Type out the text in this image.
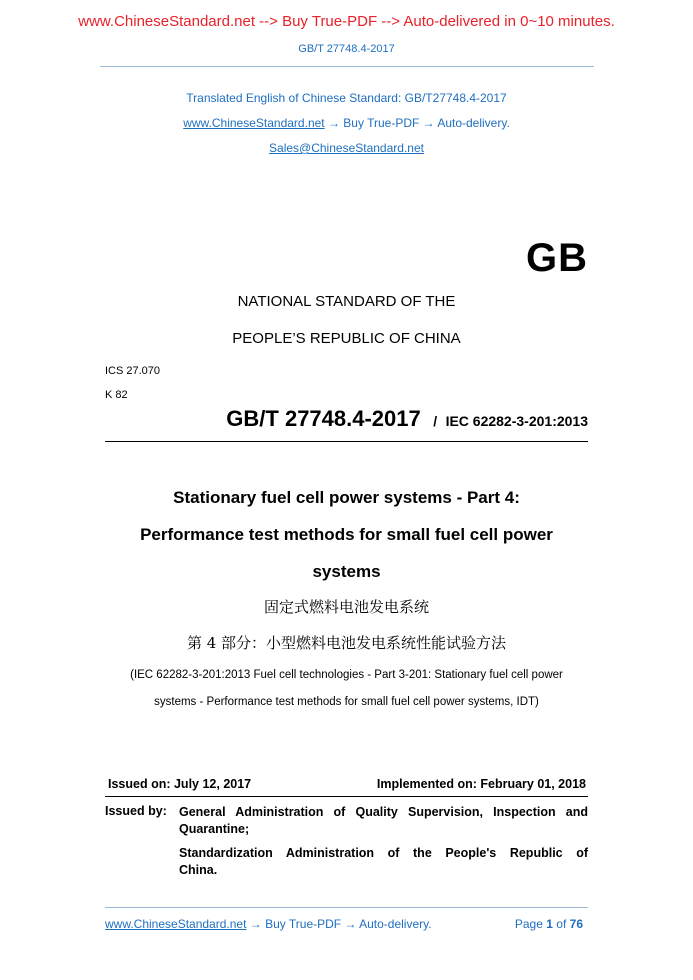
www.ChineseStandard.net --> Buy True-PDF --> Auto-delivered in 0~10 minutes.
GB/T 27748.4-2017
Translated English of Chinese Standard: GB/T27748.4-2017
www.ChineseStandard.net → Buy True-PDF → Auto-delivery.
Sales@ChineseStandard.net
GB
NATIONAL STANDARD OF THE
PEOPLE’S REPUBLIC OF CHINA
ICS 27.070
K 82
GB/T 27748.4-2017 / IEC 62282-3-201:2013
Stationary fuel cell power systems - Part 4:
Performance test methods for small fuel cell power
systems
固定式燃料电池发电系统
第 4 部分：小型燃料电池发电系统性能试验方法
(IEC 62282-3-201:2013 Fuel cell technologies - Part 3-201: Stationary fuel cell power
systems - Performance test methods for small fuel cell power systems, IDT)
Issued on: July 12, 2017	Implemented on: February 01, 2018
Issued by: General Administration of Quality Supervision, Inspection and
Quarantine;
Standardization Administration of the People's Republic of
China.
www.ChineseStandard.net → Buy True-PDF → Auto-delivery.	Page 1 of 76
